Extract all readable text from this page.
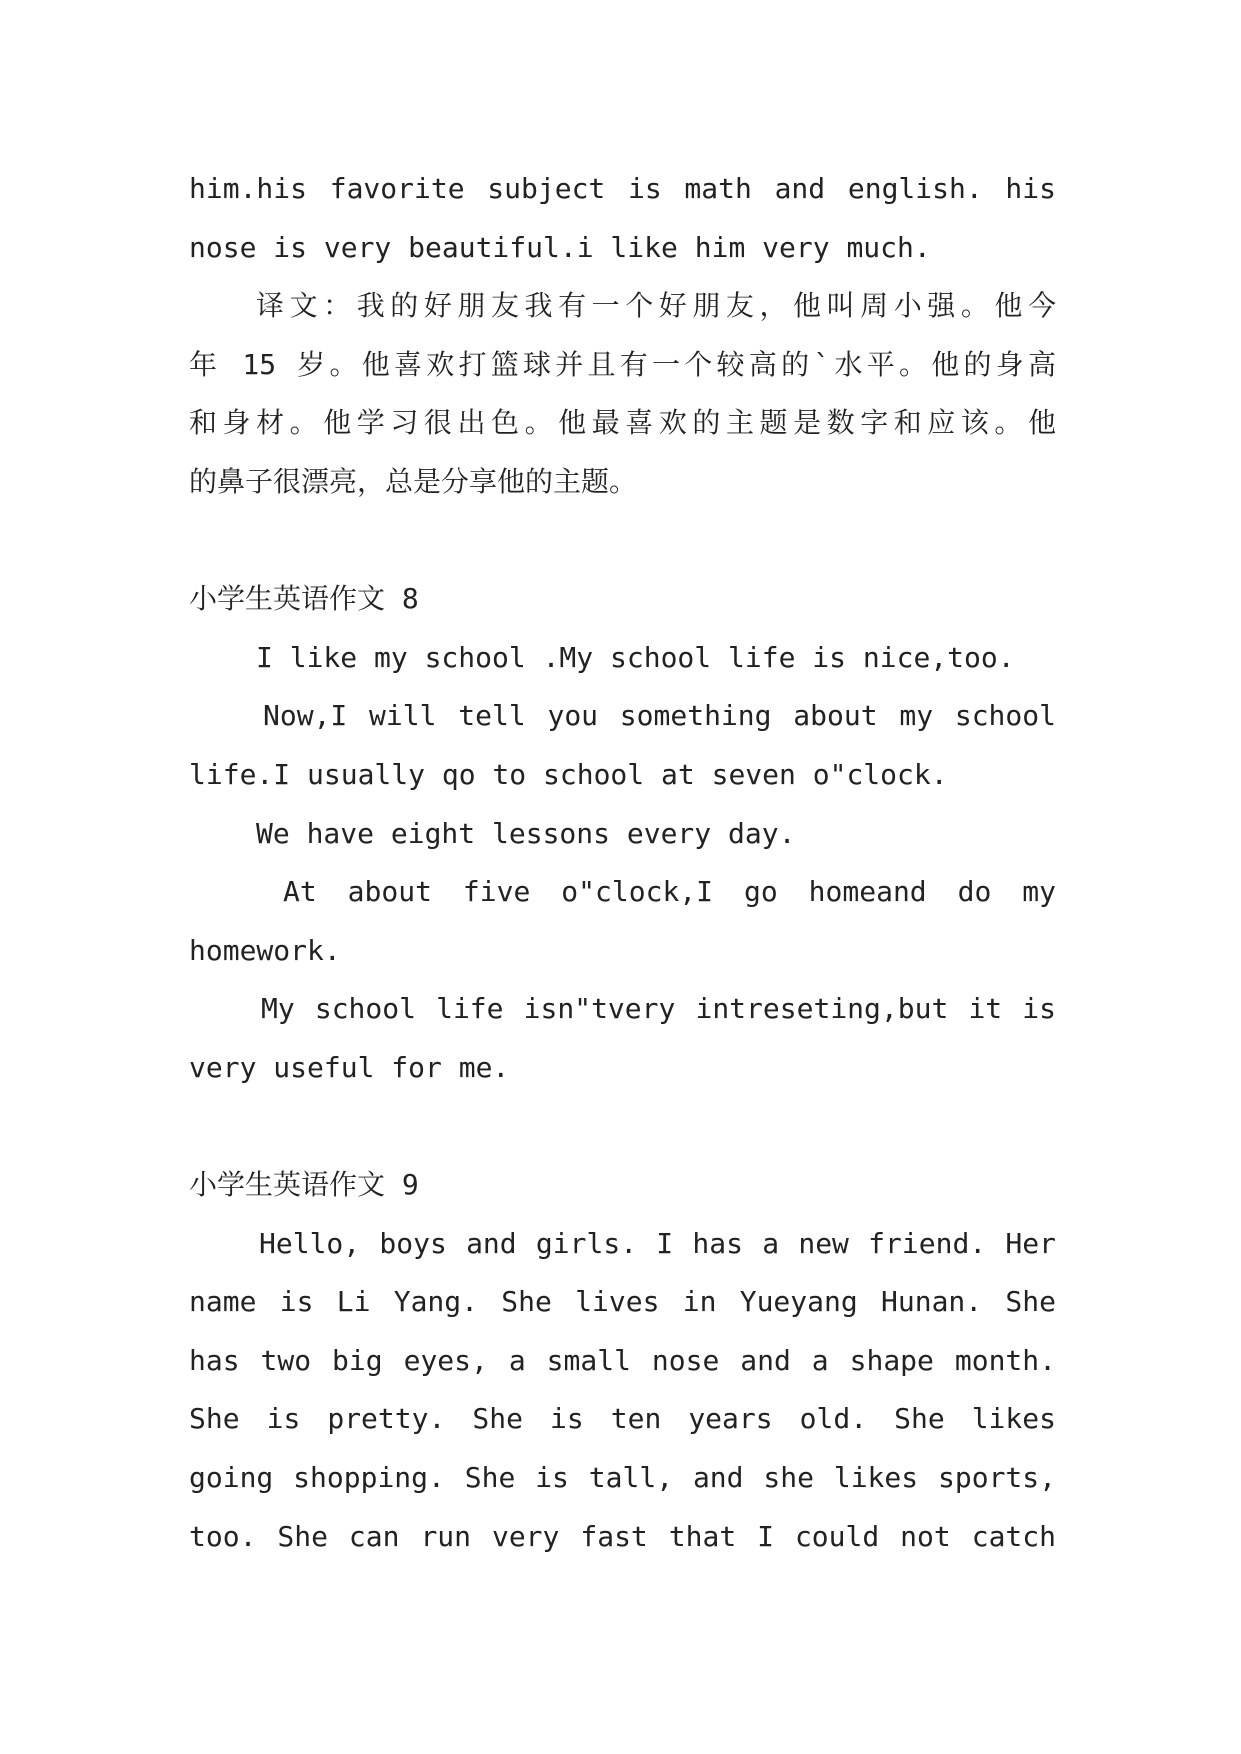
him.his favorite subject is math and english. his
nose is very beautiful.i like him very much.
译文：我的好朋友我有一个好朋友，他叫周小强。他今
年 15 岁。他喜欢打篮球并且有一个较高的`水平。他的身高
和身材。他学习很出色。他最喜欢的主题是数字和应该。他
的鼻子很漂亮，总是分享他的主题。
小学生英语作文 8
I like my school .My school life is nice,too.
Now,I will tell you something about my school
life.I usually qo to school at seven o"clock.
We have eight lessons every day.
At about five o"clock,I go homeand do my
homework.
My school life isn"tvery intreseting,but it is
very useful for me.
小学生英语作文 9
Hello, boys and girls. I has a new friend. Her
name is Li Yang. She lives in Yueyang Hunan. She
has two big eyes, a small nose and a shape month.
She is pretty. She is ten years old. She likes
going shopping. She is tall, and she likes sports,
too. She can run very fast that I could not catch
